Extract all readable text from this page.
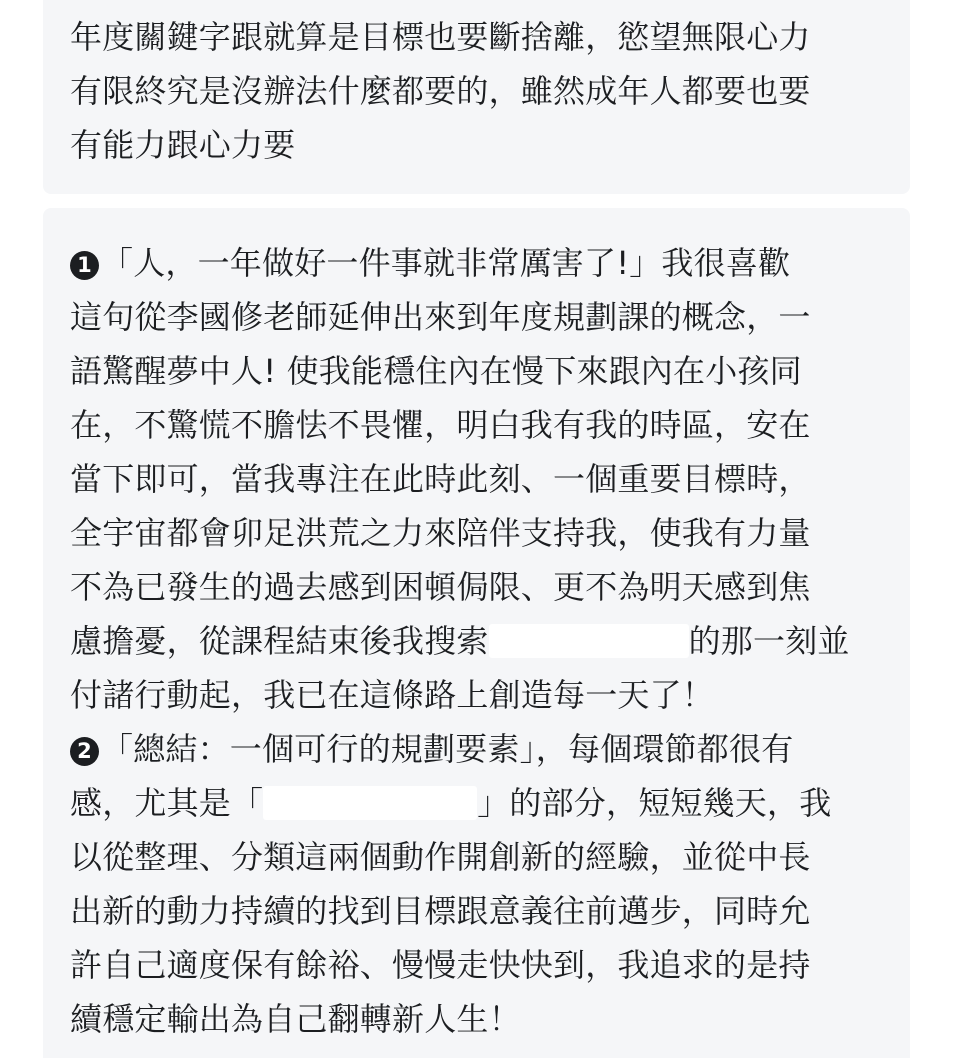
年度關鍵字跟就算是目標也要斷捨離，慾望無限心力
有限終究是沒辦法什麼都要的，雖然成年人都要也要
有能力跟心力要
1 「人，一年做好一件事就非常厲害了!」我很喜歡
這句從李國修老師延伸出來到年度規劃課的概念，一
語驚醒夢中人! 使我能穩住內在慢下來跟內在小孩同
在，不驚慌不膽怯不畏懼，明白我有我的時區，安在
當下即可，當我專注在此時此刻、一個重要目標時，
全宇宙都會卯足洪荒之力來陪伴支持我，使我有力量
不為已發生的過去感到困頓侷限、更不為明天感到焦
慮擔憂，從課程結束後我搜索	的那一刻並
付諸行動起，我已在這條路上創造每一天了！
2 「總結：一個可行的規劃要素」，每個環節都很有
感，尤其是「	」的部分，短短幾天，我
以從整理、分類這兩個動作開創新的經驗，並從中長
出新的動力持續的找到目標跟意義往前邁步，同時允
許自己適度保有餘裕、慢慢走快快到，我追求的是持
續穩定輸出為自己翻轉新人生！
